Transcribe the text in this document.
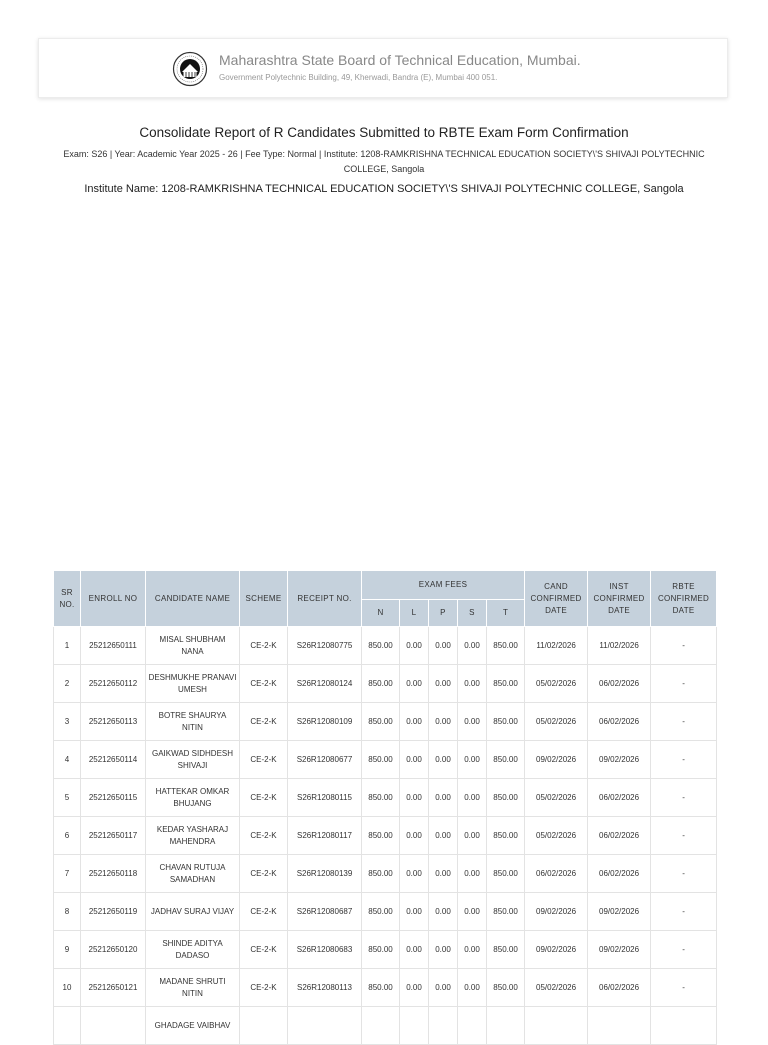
Maharashtra State Board of Technical Education, Mumbai.
Government Polytechnic Building, 49, Kherwadi, Bandra (E), Mumbai 400 051.
Consolidate Report of R Candidates Submitted to RBTE Exam Form Confirmation
Exam: S26 | Year: Academic Year 2025 - 26 | Fee Type: Normal | Institute: 1208-RAMKRISHNA TECHNICAL EDUCATION SOCIETY\'S SHIVAJI POLYTECHNIC COLLEGE, Sangola
Institute Name: 1208-RAMKRISHNA TECHNICAL EDUCATION SOCIETY\'S SHIVAJI POLYTECHNIC COLLEGE, Sangola
SR NO.	ENROLL NO	CANDIDATE NAME	SCHEME	RECEIPT NO.	EXAM FEES					CAND CONFIRMED DATE	INST CONFIRMED DATE	RBTE CONFIRMED DATE
					N	L	P	S	T			
1	25212650111	MISAL SHUBHAM NANA	CE-2-K	S26R12080775	850.00	0.00	0.00	0.00	850.00	11/02/2026	11/02/2026	-
2	25212650112	DESHMUKHE PRANAVI UMESH	CE-2-K	S26R12080124	850.00	0.00	0.00	0.00	850.00	05/02/2026	06/02/2026	-
3	25212650113	BOTRE SHAURYA NITIN	CE-2-K	S26R12080109	850.00	0.00	0.00	0.00	850.00	05/02/2026	06/02/2026	-
4	25212650114	GAIKWAD SIDHDESH SHIVAJI	CE-2-K	S26R12080677	850.00	0.00	0.00	0.00	850.00	09/02/2026	09/02/2026	-
5	25212650115	HATTEKAR OMKAR BHUJANG	CE-2-K	S26R12080115	850.00	0.00	0.00	0.00	850.00	05/02/2026	06/02/2026	-
6	25212650117	KEDAR YASHARAJ MAHENDRA	CE-2-K	S26R12080117	850.00	0.00	0.00	0.00	850.00	05/02/2026	06/02/2026	-
7	25212650118	CHAVAN RUTUJA SAMADHAN	CE-2-K	S26R12080139	850.00	0.00	0.00	0.00	850.00	06/02/2026	06/02/2026	-
8	25212650119	JADHAV SURAJ VIJAY	CE-2-K	S26R12080687	850.00	0.00	0.00	0.00	850.00	09/02/2026	09/02/2026	-
9	25212650120	SHINDE ADITYA DADASO	CE-2-K	S26R12080683	850.00	0.00	0.00	0.00	850.00	09/02/2026	09/02/2026	-
10	25212650121	MADANE SHRUTI NITIN	CE-2-K	S26R12080113	850.00	0.00	0.00	0.00	850.00	05/02/2026	06/02/2026	-
		GHADAGE VAIBHAV										
